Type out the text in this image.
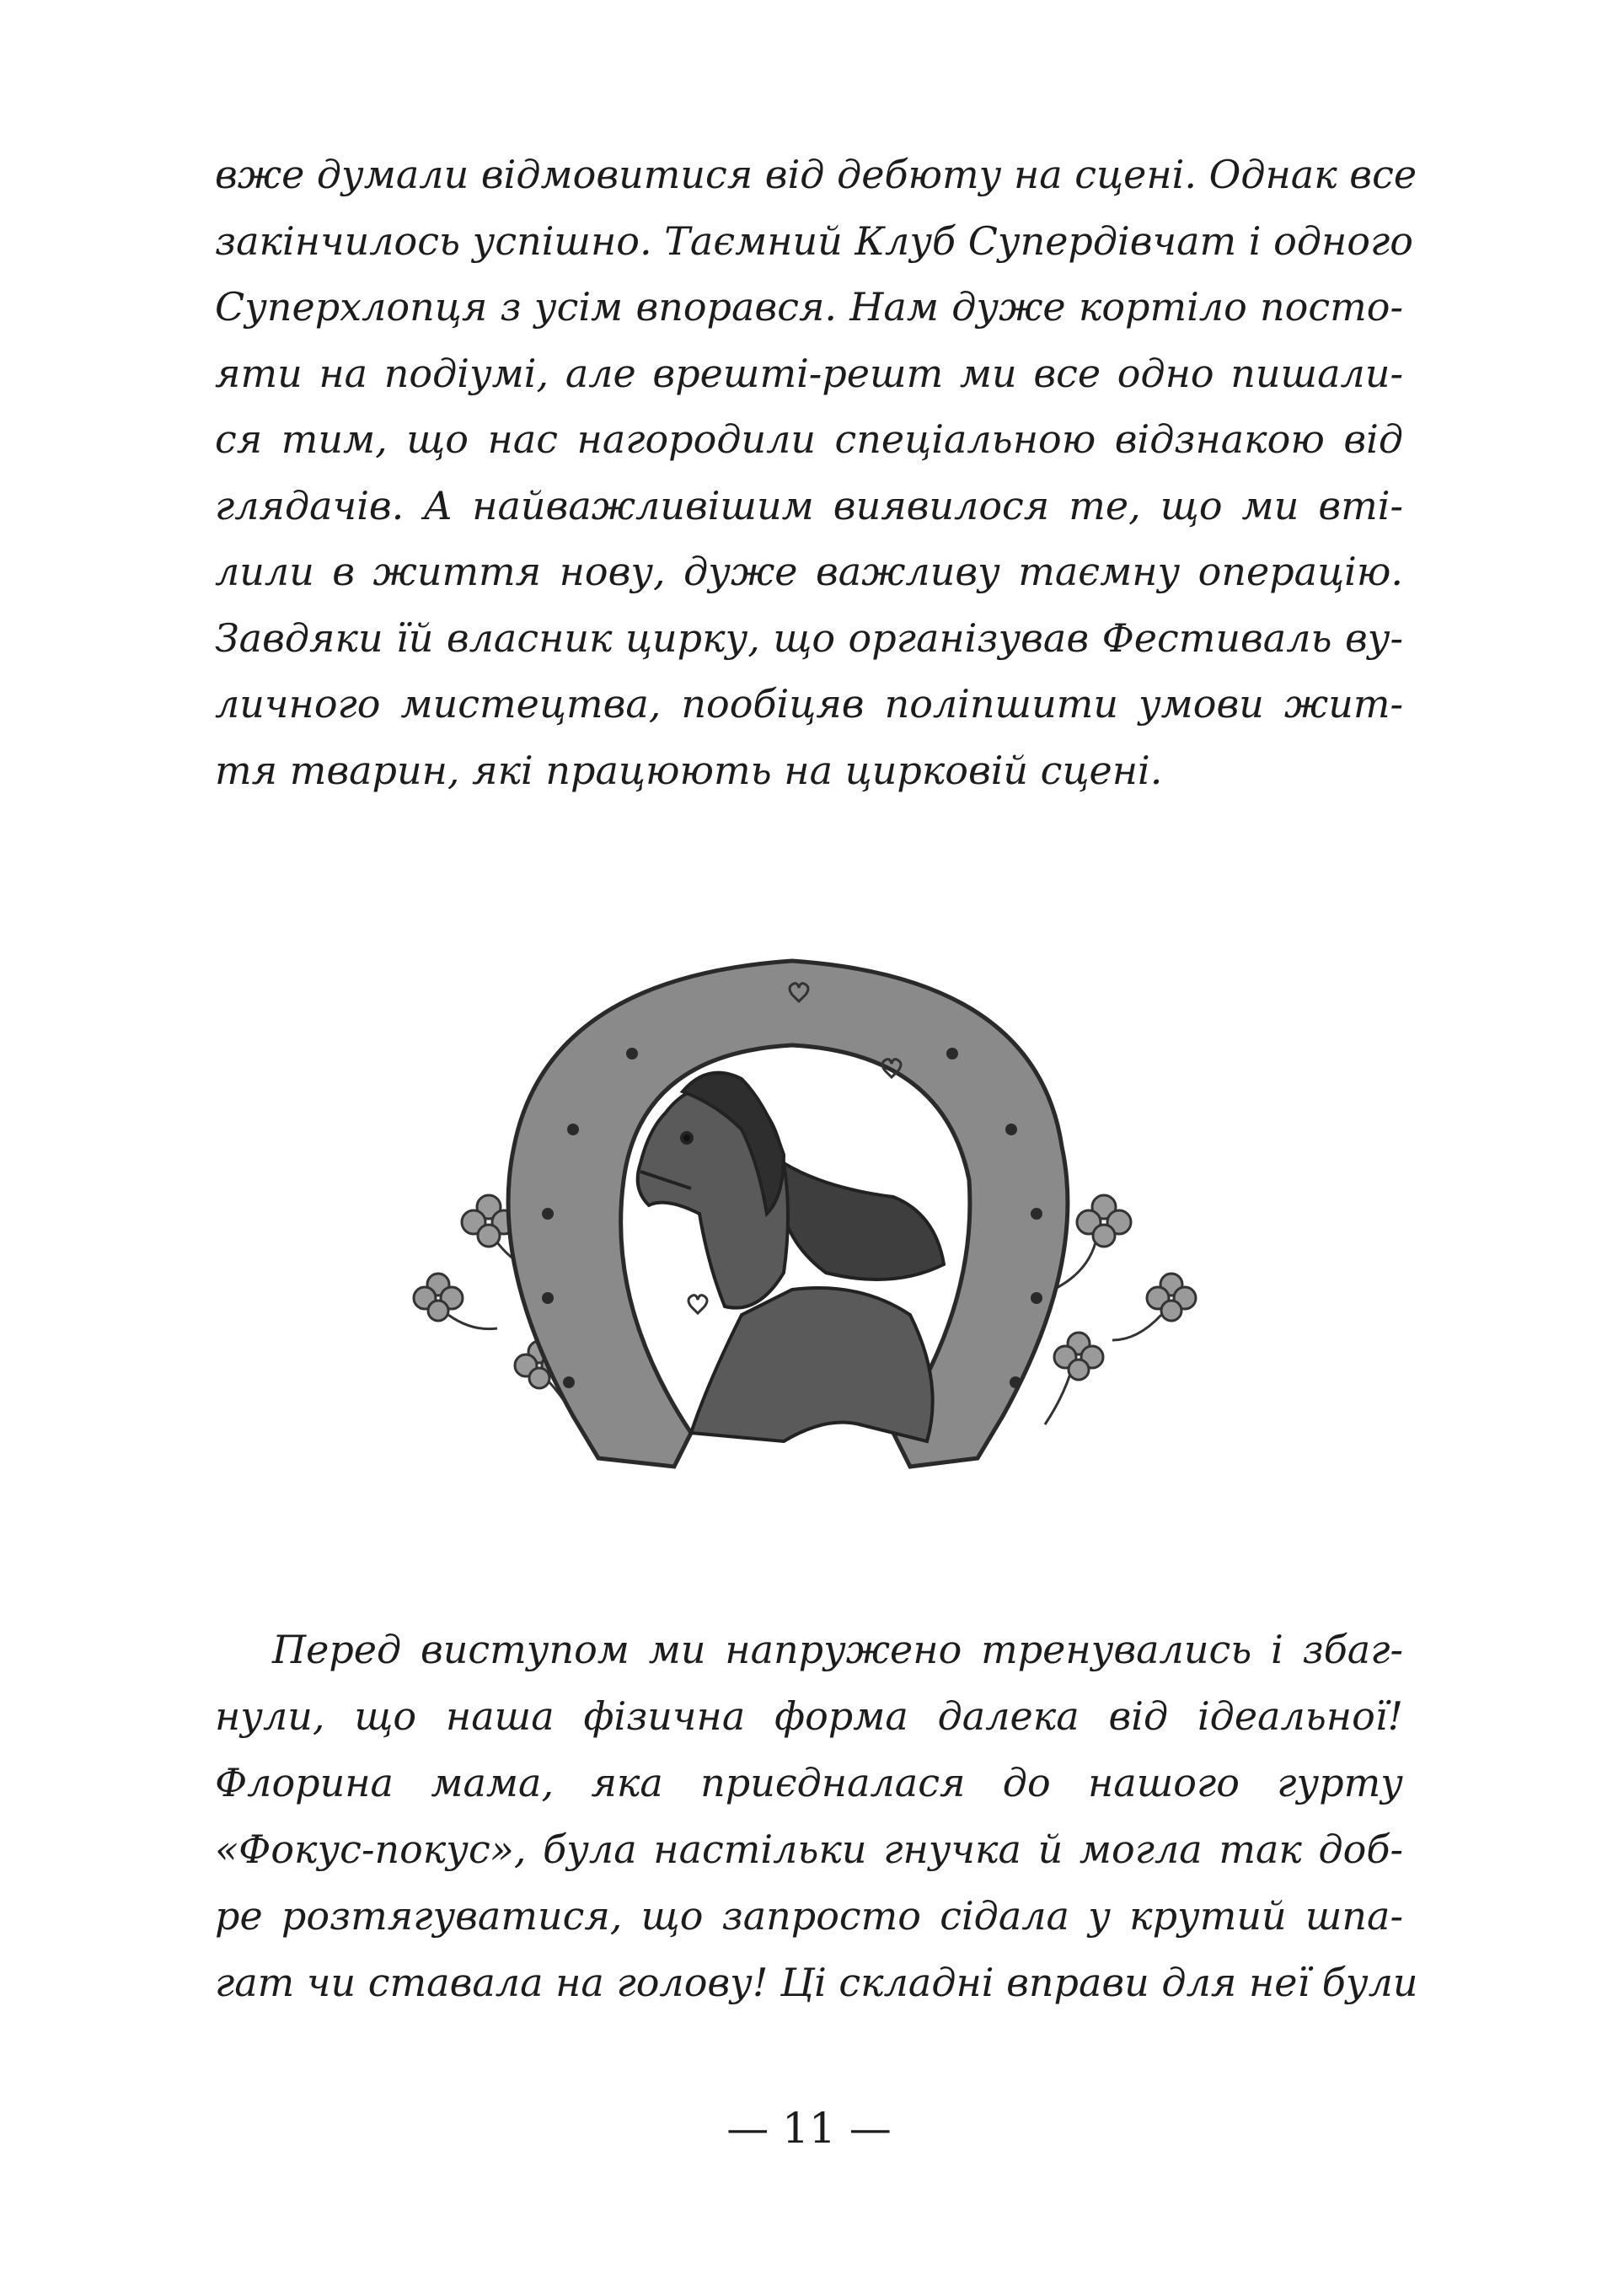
вже думали відмовитися від дебюту на сцені. Однак все
закінчилось успішно. Таємний Клуб Супердівчат і одного
Суперхлопця з усім впорався. Нам дуже кортіло посто-
яти на подіумі, але врешті-решт ми все одно пишали-
ся тим, що нас нагородили спеціальною відзнакою від
глядачів. А найважливішим виявилося те, що ми вті-
лили в життя нову, дуже важливу таємну операцію.
Завдяки їй власник цирку, що організував Фестиваль ву-
личного мистецтва, пообіцяв поліпшити умови жит-
тя тварин, які працюють на цирковій сцені.
Перед виступом ми напружено тренувались і збаг-
нули, що наша фізична форма далека від ідеальної!
Флорина мама, яка приєдналася до нашого гурту
«Фокус-покус», була настільки гнучка й могла так доб-
ре розтягуватися, що запросто сідала у крутий шпа-
гат чи ставала на голову! Ці складні вправи для неї були
— 11 —
